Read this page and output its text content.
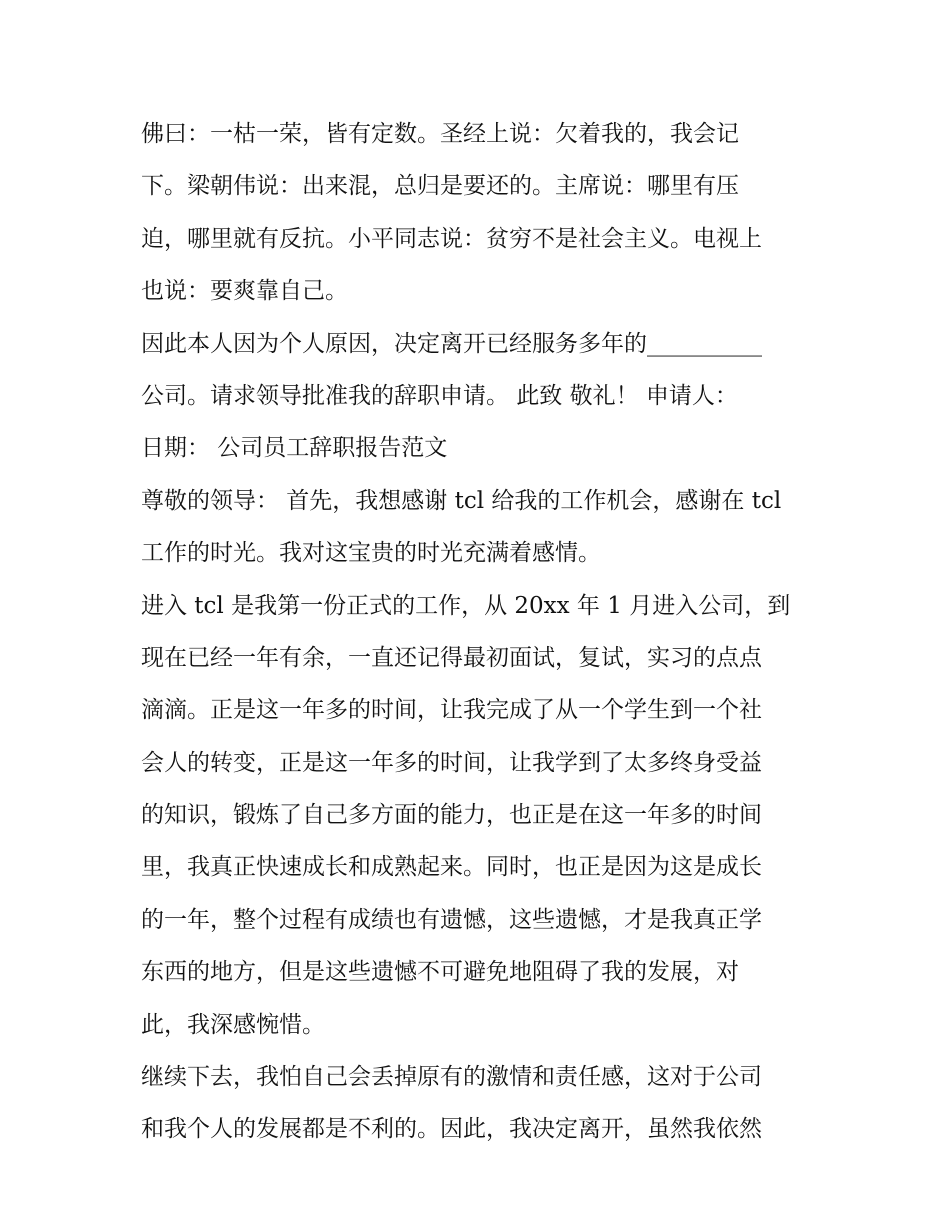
佛曰：一枯一荣，皆有定数。圣经上说：欠着我的，我会记
下。梁朝伟说：出来混，总归是要还的。主席说：哪里有压
迫，哪里就有反抗。小平同志说：贫穷不是社会主义。电视上
也说：要爽靠自己。
因此本人因为个人原因，决定离开已经服务多年的__________
公司。请求领导批准我的辞职申请。 此致 敬礼！ 申请人：
日期： 公司员工辞职报告范文
尊敬的领导： 首先，我想感谢 tcl 给我的工作机会，感谢在 tcl
工作的时光。我对这宝贵的时光充满着感情。
进入 tcl 是我第一份正式的工作，从 20xx 年 1 月进入公司，到
现在已经一年有余，一直还记得最初面试，复试，实习的点点
滴滴。正是这一年多的时间，让我完成了从一个学生到一个社
会人的转变，正是这一年多的时间，让我学到了太多终身受益
的知识，锻炼了自己多方面的能力，也正是在这一年多的时间
里，我真正快速成长和成熟起来。同时，也正是因为这是成长
的一年，整个过程有成绩也有遗憾，这些遗憾，才是我真正学
东西的地方，但是这些遗憾不可避免地阻碍了我的发展，对
此，我深感惋惜。
继续下去，我怕自己会丢掉原有的激情和责任感，这对于公司
和我个人的发展都是不利的。因此，我决定离开，虽然我依然
